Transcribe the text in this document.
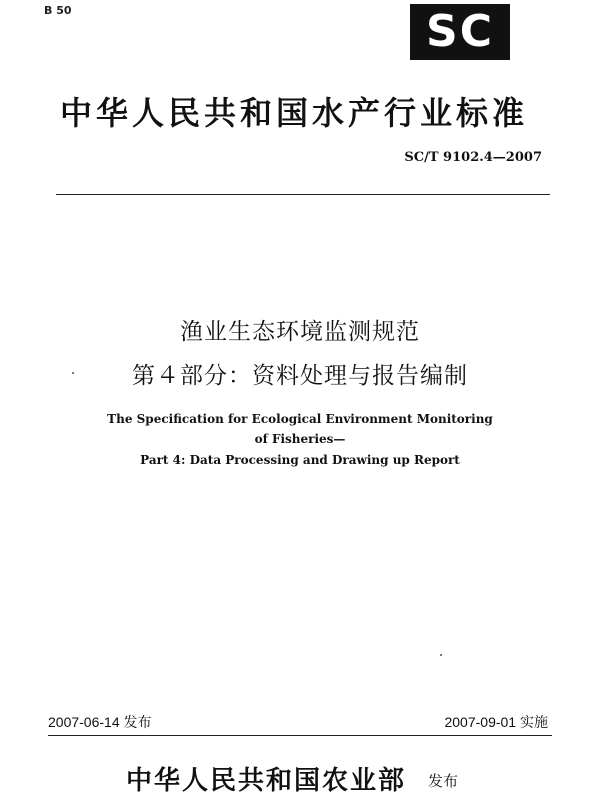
B 50	SC
中华人民共和国水产行业标准
SC/T 9102.4—2007
渔业生态环境监测规范
第４部分：资料处理与报告编制
The Specification for Ecological Environment Monitoring
of Fisheries—
Part 4: Data Processing and Drawing up Report
2007-06-14 发布	2007-09-01 实施
中华人民共和国农业部 发布
